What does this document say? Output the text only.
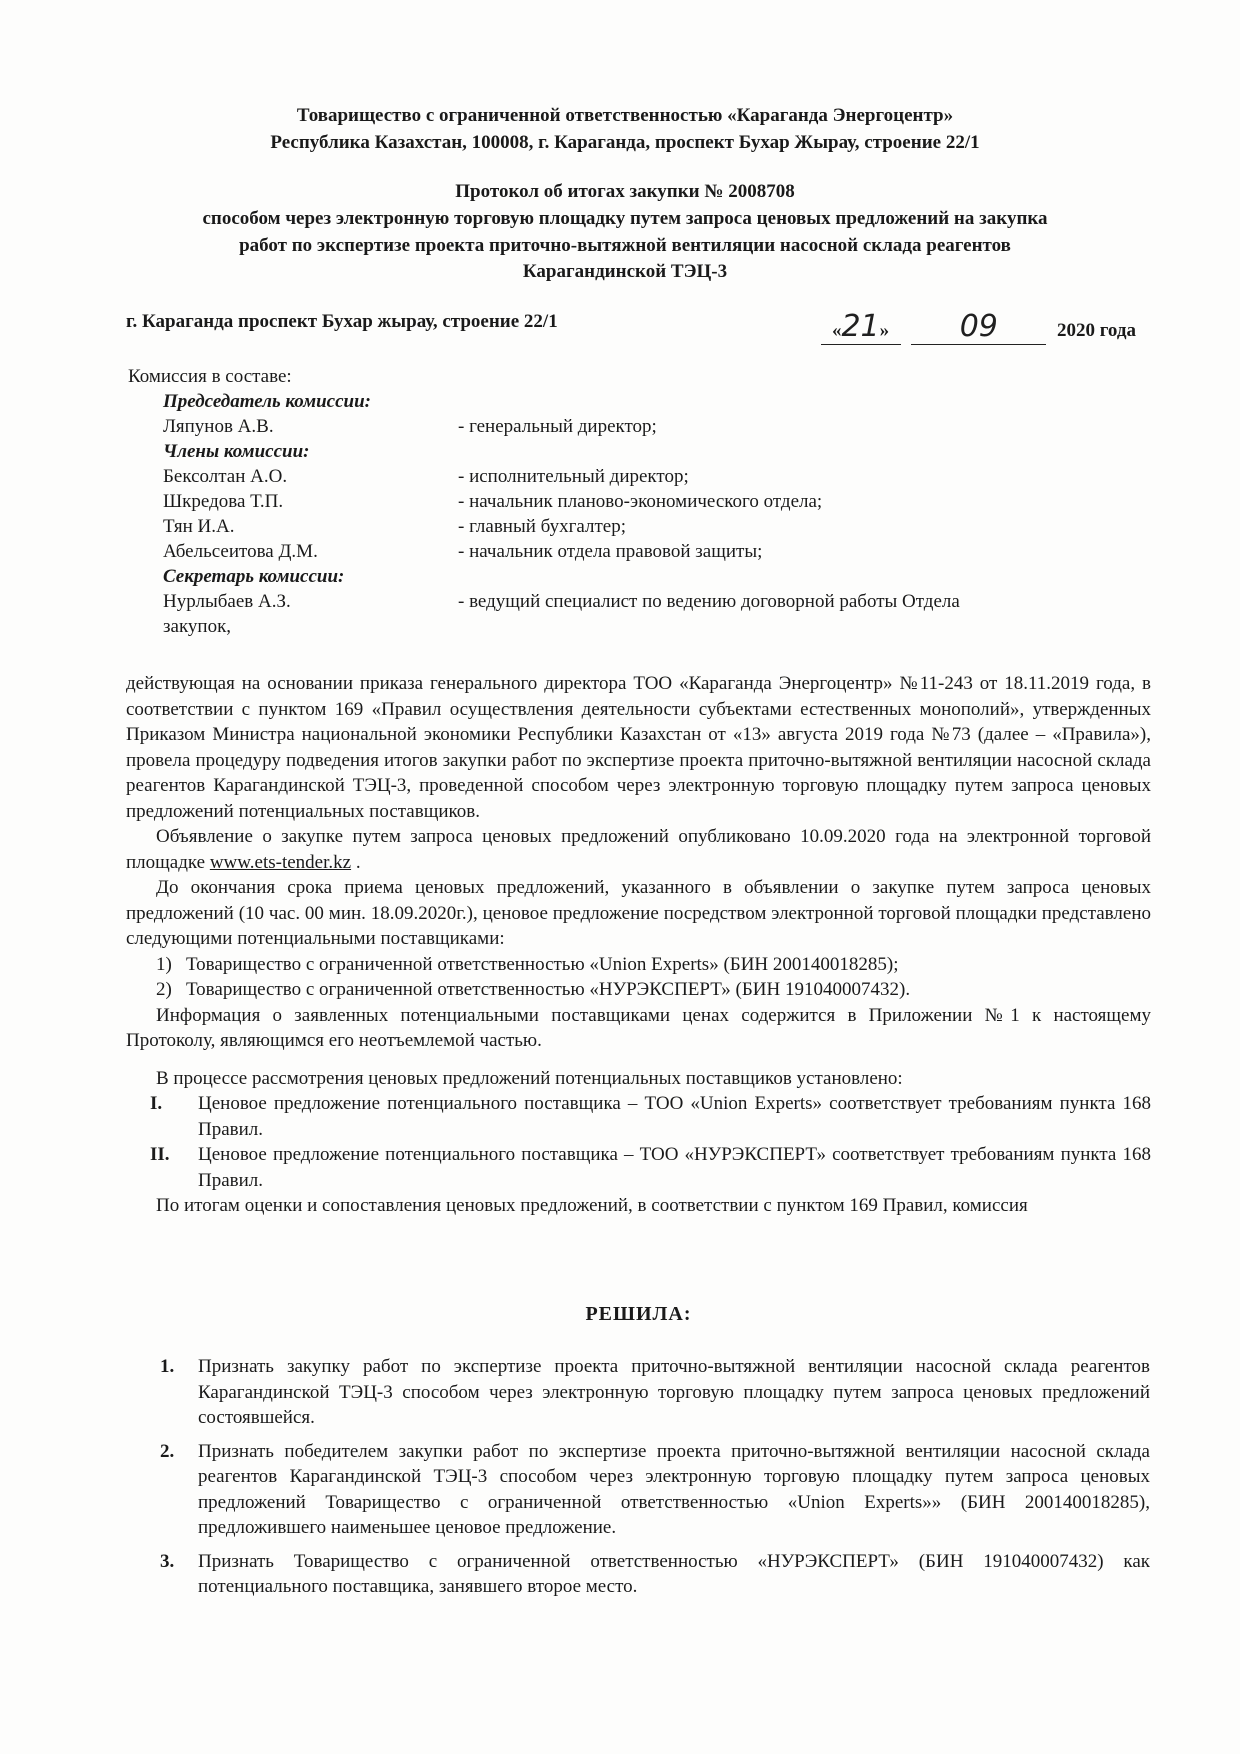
Товарищество с ограниченной ответственностью «Караганда Энергоцентр»
Республика Казахстан, 100008, г. Караганда, проспект Бухар Жырау, строение 22/1
Протокол об итогах закупки № 2008708
способом через электронную торговую площадку путем запроса ценовых предложений на закупка
работ по экспертизе проекта приточно-вытяжной вентиляции насосной склада реагентов
Карагандинской ТЭЦ-3
г. Караганда проспект Бухар жырау, строение 22/1	«21» 09	2020 года
Комиссия в составе:
Председатель комиссии:
Ляпунов А.В.	- генеральный директор;
Члены комиссии:
Бексолтан А.О.	- исполнительный директор;
Шкредова Т.П.	- начальник планово-экономического отдела;
Тян И.А.	- главный бухгалтер;
Абельсеитова Д.М.	- начальник отдела правовой защиты;
Секретарь комиссии:
Нурлыбаев А.З.	- ведущий специалист по ведению договорной работы Отдела
закупок,

действующая на основании приказа генерального директора ТОО «Караганда Энергоцентр» №11-243 от 18.11.2019 года, в соответствии с пунктом 169 «Правил осуществления деятельности субъектами естественных монополий», утвержденных Приказом Министра национальной экономики Республики Казахстан от «13» августа 2019 года №73 (далее – «Правила»), провела процедуру подведения итогов закупки работ по экспертизе проекта приточно-вытяжной вентиляции насосной склада реагентов Карагандинской ТЭЦ-3, проведенной способом через электронную торговую площадку путем запроса ценовых предложений потенциальных поставщиков.

Объявление о закупке путем запроса ценовых предложений опубликовано 10.09.2020 года на электронной торговой площадке www.ets-tender.kz .

До окончания срока приема ценовых предложений, указанного в объявлении о закупке путем запроса ценовых предложений (10 час. 00 мин. 18.09.2020г.), ценовое предложение посредством электронной торговой площадки представлено следующими потенциальными поставщиками:

1) Товарищество с ограниченной ответственностью «Union Experts» (БИН 200140018285);
2) Товарищество с ограниченной ответственностью «НУРЭКСПЕРТ» (БИН 191040007432).

Информация о заявленных потенциальными поставщиками ценах содержится в Приложении №1 к настоящему Протоколу, являющимся его неотъемлемой частью.

В процессе рассмотрения ценовых предложений потенциальных поставщиков установлено:

I.	Ценовое предложение потенциального поставщика – ТОО «Union Experts» соответствует требованиям пункта 168 Правил.
II.	Ценовое предложение потенциального поставщика – ТОО «НУРЭКСПЕРТ» соответствует требованиям пункта 168 Правил.

По итогам оценки и сопоставления ценовых предложений, в соответствии с пунктом 169 Правил, комиссия

РЕШИЛА:
1.	Признать закупку работ по экспертизе проекта приточно-вытяжной вентиляции насосной склада реагентов Карагандинской ТЭЦ-3 способом через электронную торговую площадку путем запроса ценовых предложений состоявшейся.
2.	Признать победителем закупки работ по экспертизе проекта приточно-вытяжной вентиляции насосной склада реагентов Карагандинской ТЭЦ-3 способом через электронную торговую площадку путем запроса ценовых предложений Товарищество с ограниченной ответственностью «Union Experts»» (БИН 200140018285), предложившего наименьшее ценовое предложение.
3.	Признать Товарищество с ограниченной ответственностью «НУРЭКСПЕРТ» (БИН 191040007432) как потенциального поставщика, занявшего второе место.
